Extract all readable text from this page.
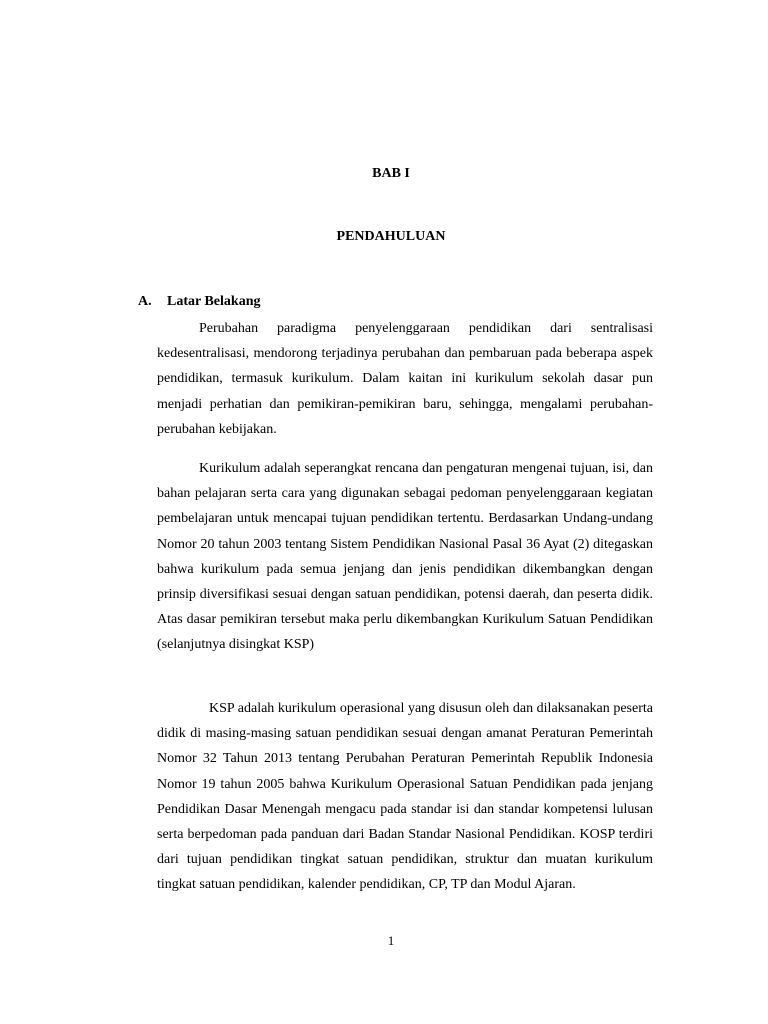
BAB I
PENDAHULUAN
A. Latar Belakang

Perubahan paradigma penyelenggaraan pendidikan dari sentralisasi kedesentralisasi, mendorong terjadinya perubahan dan pembaruan pada beberapa aspek pendidikan, termasuk kurikulum. Dalam kaitan ini kurikulum sekolah dasar pun menjadi perhatian dan pemikiran-pemikiran baru, sehingga, mengalami perubahan-perubahan kebijakan.

Kurikulum adalah seperangkat rencana dan pengaturan mengenai tujuan, isi, dan bahan pelajaran serta cara yang digunakan sebagai pedoman penyelenggaraan kegiatan pembelajaran untuk mencapai tujuan pendidikan tertentu. Berdasarkan Undang-undang Nomor 20 tahun 2003 tentang Sistem Pendidikan Nasional Pasal 36 Ayat (2) ditegaskan bahwa kurikulum pada semua jenjang dan jenis pendidikan dikembangkan dengan prinsip diversifikasi sesuai dengan satuan pendidikan, potensi daerah, dan peserta didik. Atas dasar pemikiran tersebut maka perlu dikembangkan Kurikulum Satuan Pendidikan (selanjutnya disingkat KSP)

KSP adalah kurikulum operasional yang disusun oleh dan dilaksanakan peserta didik di masing-masing satuan pendidikan sesuai dengan amanat Peraturan Pemerintah Nomor 32 Tahun 2013 tentang Perubahan Peraturan Pemerintah Republik Indonesia Nomor 19 tahun 2005 bahwa Kurikulum Operasional Satuan Pendidikan pada jenjang Pendidikan Dasar Menengah mengacu pada standar isi dan standar kompetensi lulusan serta berpedoman pada panduan dari Badan Standar Nasional Pendidikan. KOSP terdiri dari tujuan pendidikan tingkat satuan pendidikan, struktur dan muatan kurikulum tingkat satuan pendidikan, kalender pendidikan, CP, TP dan Modul Ajaran.

1
